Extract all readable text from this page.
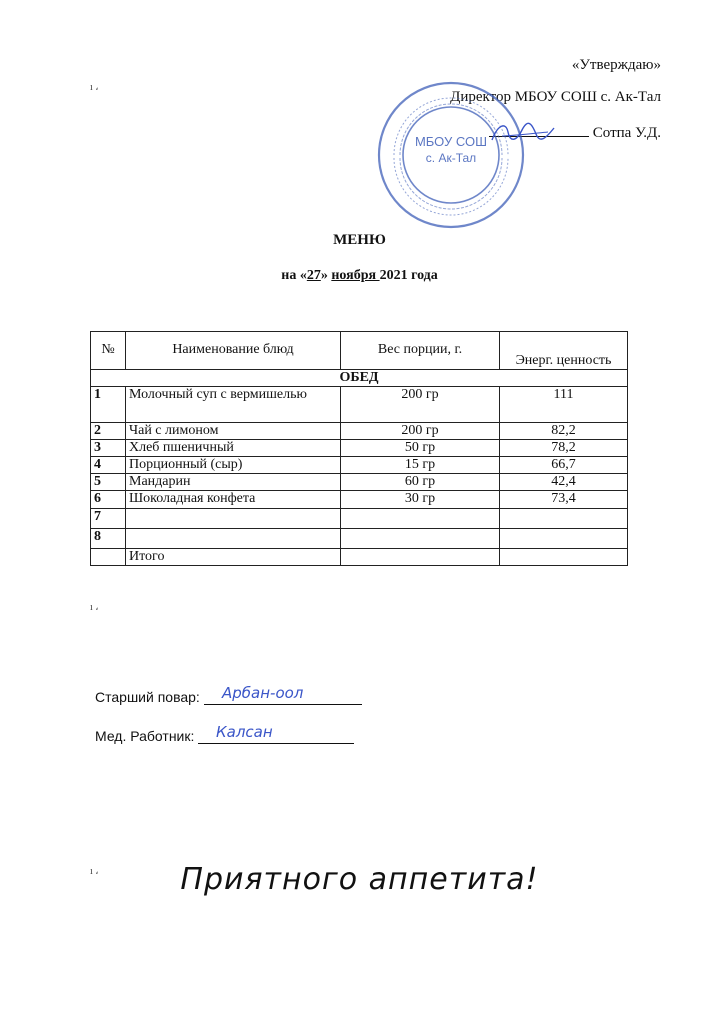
ı ،
ı ،
ı ،
«Утверждаю»
Директор МБОУ СОШ с. Ак-Тал
Сотпа У.Д.
МБОУ СОШ
с. Ак-Тал
МЕНЮ
на «27» ноября 2021 года
№	Наименование блюд	Вес порции, г.	Энерг. ценность
ОБЕД			
1	Молочный суп с вермишелью	200 гр	111
2	Чай с лимоном	200 гр	82,2
3	Хлеб пшеничный	50 гр	78,2
4	Порционный (сыр)	15 гр	66,7
5	Мандарин	60 гр	42,4
6	Шоколадная конфета	30 гр	73,4
7			
8			
	Итого		
Старший повар: Арбан-оол
Мед. Работник: Калсан
Приятного аппетита!
